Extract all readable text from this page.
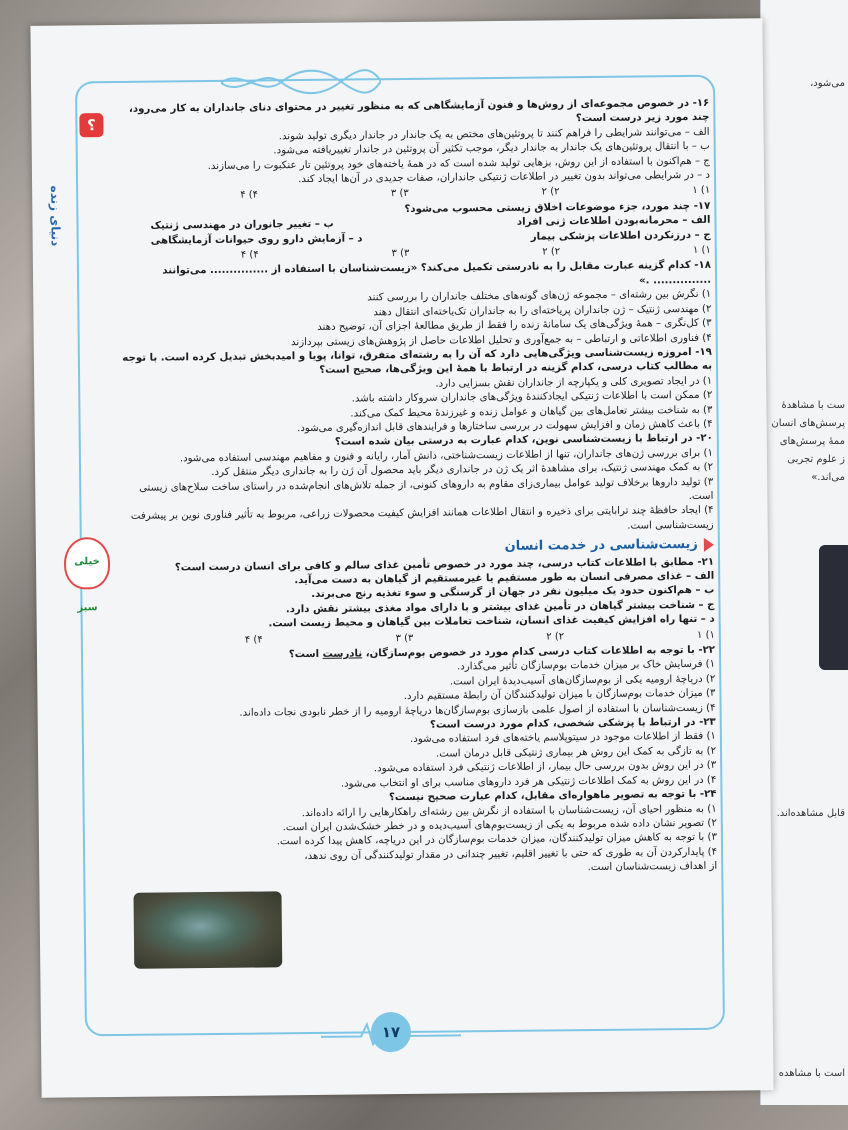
می‌شود،
ست با مشاهدهٔ
پرسش‌های انسان
ممهٔ پرسش‌های
ز علوم تجربی
می‌اند.»
قابل مشاهده‌اند.
است با مشاهده
؟
دنیای زنده
خیلی سبز

۱۶- در خصوص مجموعه‌ای از روش‌ها و فنون آزمایشگاهی که به منظور تغییر در محتوای دنای جانداران به کار می‌رود، چند مورد زیر درست است؟

الف – می‌توانند شرایطی را فراهم کنند تا پروتئین‌های مختص به یک جاندار در جاندار دیگری تولید شوند.

ب – با انتقال پروتئین‌های یک جاندار به جاندار دیگر، موجب تکثیر آن پروتئین در جاندار تغییریافته می‌شود.

ج – هم‌اکنون با استفاده از این روش، بزهایی تولید شده است که در همهٔ یاخته‌های خود پروتئین تار عنکبوت را می‌سازند.

د – در شرایطی می‌تواند بدون تغییر در اطلاعات ژنتیکی جانداران، صفات جدیدی در آن‌ها ایجاد کند.

۱) ۱
۲) ۲
۳) ۳
۴) ۴

۱۷- چند مورد، جزء موضوعات اخلاق زیستی محسوب می‌شود؟

الف – محرمانه‌بودن اطلاعات ژنی افراد
ب – تغییر جانوران در مهندسی ژنتیک
ج – درزنکردن اطلاعات پزشکی بیمار
د – آزمایش دارو روی حیوانات آزمایشگاهی
۱) ۱
۲) ۲
۳) ۳
۴) ۴

۱۸- کدام گزینه عبارت مقابل را به نادرستی تکمیل می‌کند؟ «زیست‌شناسان با استفاده از ............... می‌توانند ............... .»

۱) نگرش بین رشته‌ای – مجموعه ژن‌های گونه‌های مختلف جانداران را بررسی کنند

۲) مهندسی ژنتیک – ژن جانداران پریاخته‌ای را به جانداران تک‌یاخته‌ای انتقال دهند

۳) کل‌نگری – همهٔ ویژگی‌های یک سامانهٔ زنده را فقط از طریق مطالعهٔ اجزای آن، توضیح دهند

۴) فناوری اطلاعاتی و ارتباطی – به جمع‌آوری و تحلیل اطلاعات حاصل از پژوهش‌های زیستی بپردازند

۱۹- امروزه زیست‌شناسی ویژگی‌هایی دارد که آن را به رشته‌ای متفرق، توانا، پویا و امیدبخش تبدیل کرده است. با توجه به مطالب کتاب درسی، کدام گزینه در ارتباط با همهٔ این ویژگی‌ها، صحیح است؟

۱) در ایجاد تصویری کلی و یکپارچه از جانداران نقش بسزایی دارد.

۲) ممکن است با اطلاعات ژنتیکی ایجادکنندهٔ ویژگی‌های جانداران سروکار داشته باشد.

۳) به شناخت بیشتر تعامل‌های بین گیاهان و عوامل زنده و غیرزندهٔ محیط کمک می‌کند.

۴) باعث کاهش زمان و افزایش سهولت در بررسی ساختارها و فرایندهای قابل اندازه‌گیری می‌شود.

۲۰- در ارتباط با زیست‌شناسی نوین، کدام عبارت به درستی بیان شده است؟

۱) برای بررسی ژن‌های جانداران، تنها از اطلاعات زیست‌شناختی، دانش آمار، رایانه و فنون و مفاهیم مهندسی استفاده می‌شود.

۲) به کمک مهندسی ژنتیک، برای مشاهدهٔ اثر یک ژن در جانداری دیگر باید محصول آن ژن را به جانداری دیگر منتقل کرد.

۳) تولید داروها برخلاف تولید عوامل بیماری‌زای مقاوم به داروهای کنونی، از جمله تلاش‌های انجام‌شده در راستای ساخت سلاح‌های زیستی است.

۴) ایجاد حافظهٔ چند ترابایتی برای ذخیره و انتقال اطلاعات همانند افزایش کیفیت محصولات زراعی، مربوط به تأثیر فناوری نوین بر پیشرفت زیست‌شناسی است.

زیست‌شناسی در خدمت انسان

۲۱- مطابق با اطلاعات کتاب درسی، چند مورد در خصوص تأمین غذای سالم و کافی برای انسان درست است؟

الف – غذای مصرفی انسان به طور مستقیم یا غیرمستقیم از گیاهان به دست می‌آید.

ب – هم‌اکنون حدود یک میلیون نفر در جهان از گرسنگی و سوء تغذیه رنج می‌برند.

ج – شناخت بیشتر گیاهان در تأمین غذای بیشتر و با دارای مواد مغذی بیشتر نقش دارد.

د – تنها راه افزایش کیفیت غذای انسان، شناخت تعاملات بین گیاهان و محیط زیست است.

۱) ۱
۲) ۲
۳) ۳
۴) ۴

۲۲- با توجه به اطلاعات کتاب درسی کدام مورد در خصوص بوم‌سازگان، نادرست است؟

۱) فرسایش خاک بر میزان خدمات بوم‌سازگان تأثیر می‌گذارد.

۲) دریاچهٔ ارومیه یکی از بوم‌سازگان‌های آسیب‌دیدهٔ ایران است.

۳) میزان خدمات بوم‌سازگان با میزان تولیدکنندگان آن رابطهٔ مستقیم دارد.

۴) زیست‌شناسان با استفاده از اصول علمی بازسازی بوم‌سازگان‌ها دریاچهٔ ارومیه را از خطر نابودی نجات داده‌اند.

۲۳- در ارتباط با پزشکی شخصی، کدام مورد درست است؟

۱) فقط از اطلاعات موجود در سیتوپلاسم یاخته‌های فرد استفاده می‌شود.

۲) به تازگی به کمک این روش هر بیماری ژنتیکی قابل درمان است.

۳) در این روش بدون بررسی حال بیمار، از اطلاعات ژنتیکی فرد استفاده می‌شود.

۴) در این روش به کمک اطلاعات ژنتیکی هر فرد داروهای مناسب برای او انتخاب می‌شود.

۲۴- با توجه به تصویر ماهواره‌ای مقابل، کدام عبارت صحیح نیست؟

۱) به منظور احیای آن، زیست‌شناسان با استفاده از نگرش بین رشته‌ای راهکارهایی را ارائه داده‌اند.

۲) تصویر نشان داده شده مربوط به یکی از زیست‌بوم‌های آسیب‌دیده و در خطر خشک‌شدن ایران است.

۳) با توجه به کاهش میزان تولیدکنندگان، میزان خدمات بوم‌سازگان در این دریاچه، کاهش پیدا کرده است.

۴) پایدارکردن آن به طوری که حتی با تغییر اقلیم، تغییر چندانی در مقدار تولیدکنندگی آن روی ندهد،

از اهداف زیست‌شناسان است.

۱۷
